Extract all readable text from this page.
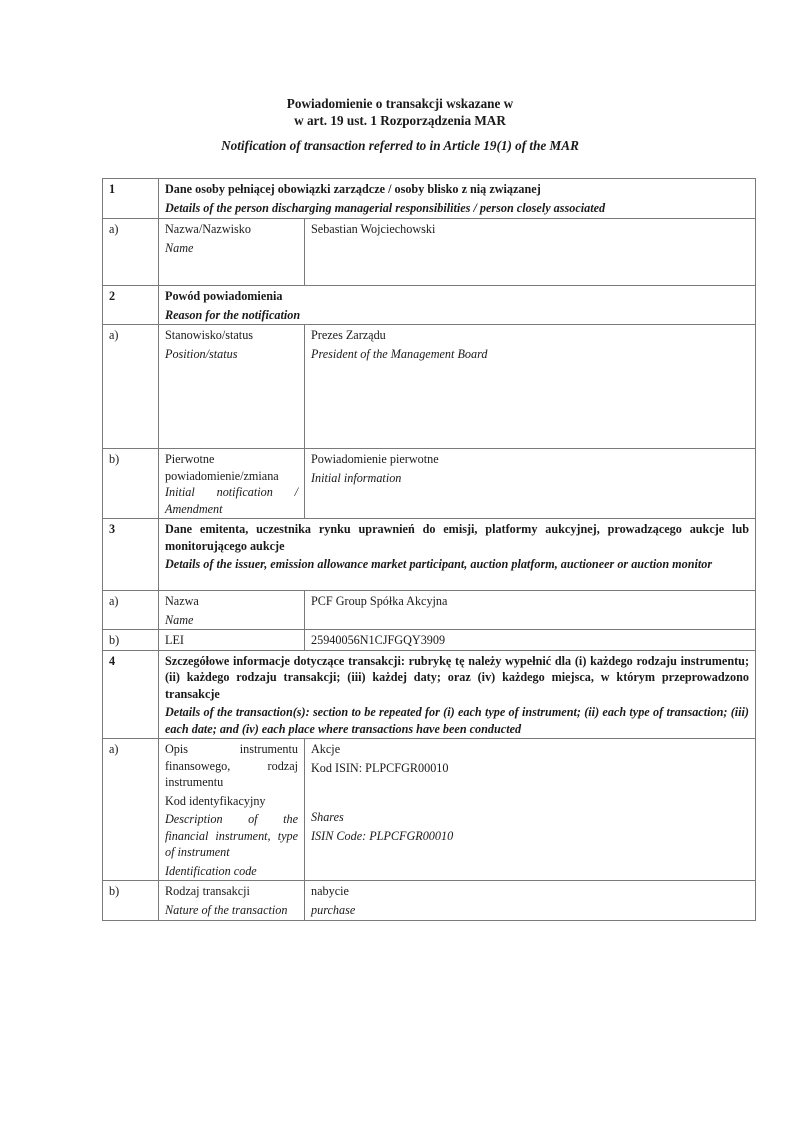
Powiadomienie o transakcji wskazane w
w art. 19 ust. 1 Rozporządzenia MAR

Notification of transaction referred to in Article 19(1) of the MAR

1	Dane osoby pełniącej obowiązki zarządcze / osoby blisko z nią związanej
Details of the person discharging managerial responsibilities / person closely associated	

a)	Nazwa/Nazwisko
Name	Sebastian Wojciechowski

2	Powód powiadomienia
Reason for the notification	

a)	Stanowisko/status
Position/status	Prezes Zarządu
President of the Management Board

b)	Pierwotne powiadomienie/zmiana
Initial notification / Amendment	Powiadomienie pierwotne
Initial information

3	Dane emitenta, uczestnika rynku uprawnień do emisji, platformy aukcyjnej, prowadzącego aukcje lub monitorującego aukcje
Details of the issuer, emission allowance market participant, auction platform, auctioneer or auction monitor	

a)	Nazwa
Name	PCF Group Spółka Akcyjna

b)	LEI	25940056N1CJFGQY3909

4	Szczegółowe informacje dotyczące transakcji: rubrykę tę należy wypełnić dla (i) każdego rodzaju instrumentu; (ii) każdego rodzaju transakcji; (iii) każdej daty; oraz (iv) każdego miejsca, w którym przeprowadzono transakcje
Details of the transaction(s): section to be repeated for (i) each type of instrument; (ii) each type of transaction; (iii) each date; and (iv) each place where transactions have been conducted	

a)	Opis instrumentu finansowego, rodzaj instrumentu
Kod identyfikacyjny
Description of the financial instrument, type of instrument
Identification code	Akcje
Kod ISIN: PLPCFGR00010
Shares
ISIN Code: PLPCFGR00010

b)	Rodzaj transakcji
Nature of the transaction	nabycie
purchase
